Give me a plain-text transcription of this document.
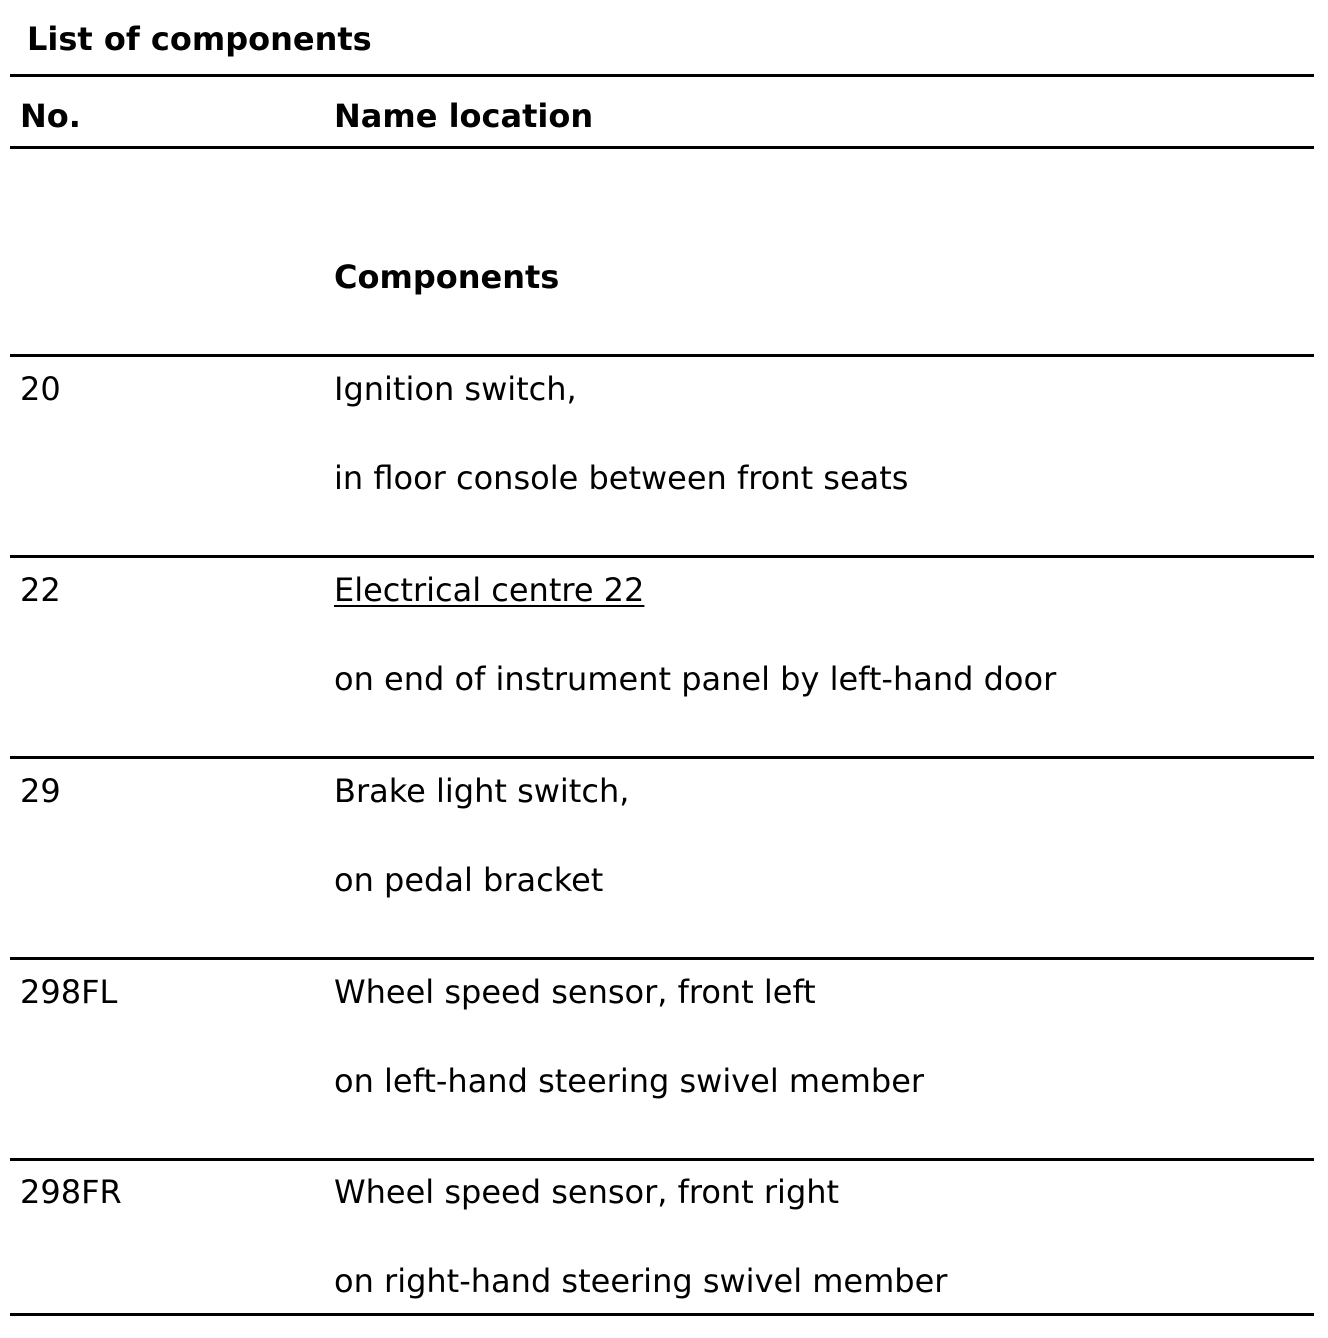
List of components
No.	Name location
Components
20	Ignition switch,
in floor console between front seats
22	Electrical centre 22
on end of instrument panel by left-hand door
29	Brake light switch,
on pedal bracket
298FL	Wheel speed sensor, front left
on left-hand steering swivel member
298FR	Wheel speed sensor, front right
on right-hand steering swivel member
